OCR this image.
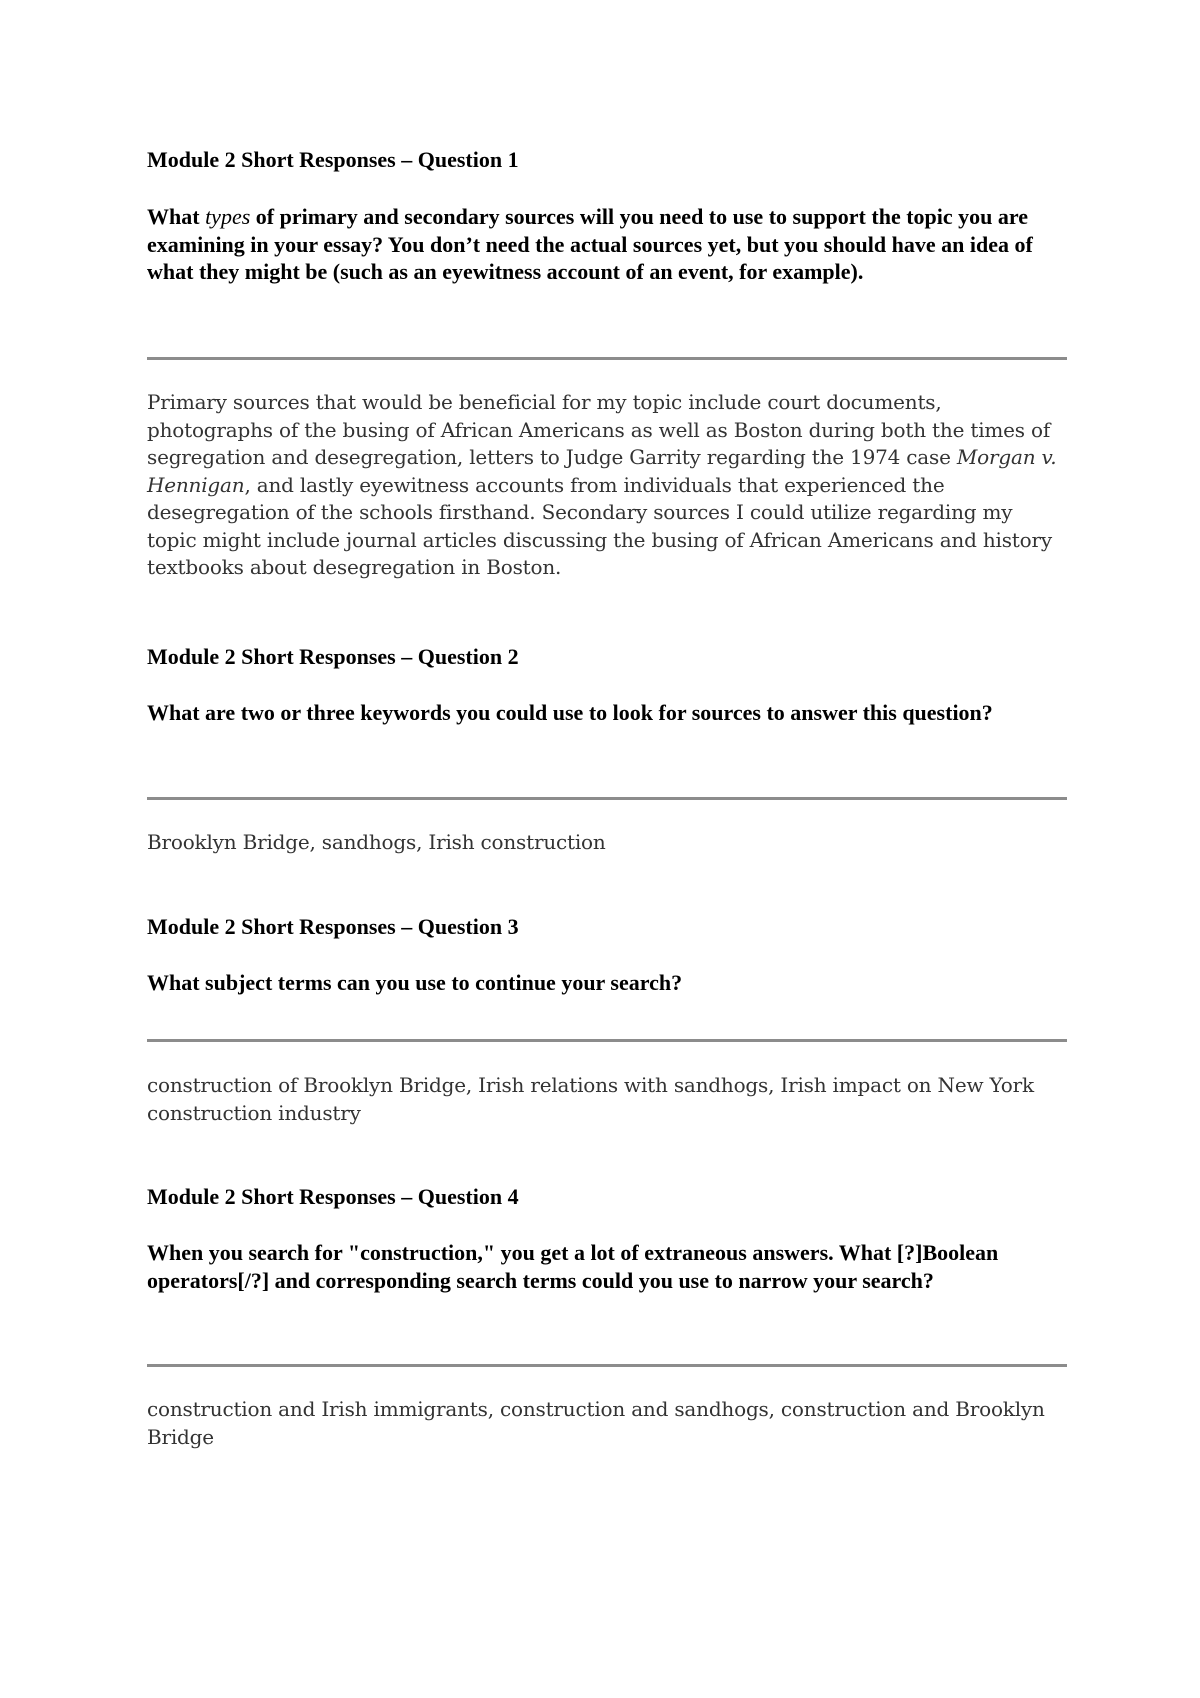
Module 2 Short Responses – Question 1

What types of primary and secondary sources will you need to use to support the topic you are examining in your essay? You don’t need the actual sources yet, but you should have an idea of what they might be (such as an eyewitness account of an event, for example).

Primary sources that would be beneficial for my topic include court documents, photographs of the busing of African Americans as well as Boston during both the times of segregation and desegregation, letters to Judge Garrity regarding the 1974 case Morgan v. Hennigan, and lastly eyewitness accounts from individuals that experienced the desegregation of the schools firsthand. Secondary sources I could utilize regarding my topic might include journal articles discussing the busing of African Americans and history textbooks about desegregation in Boston.

Module 2 Short Responses – Question 2

What are two or three keywords you could use to look for sources to answer this question?

Brooklyn Bridge, sandhogs, Irish construction

Module 2 Short Responses – Question 3

What subject terms can you use to continue your search?

construction of Brooklyn Bridge, Irish relations with sandhogs, Irish impact on New York construction industry

Module 2 Short Responses – Question 4

When you search for "construction," you get a lot of extraneous answers. What [?]Boolean operators[/?] and corresponding search terms could you use to narrow your search?

construction and Irish immigrants, construction and sandhogs, construction and Brooklyn Bridge
